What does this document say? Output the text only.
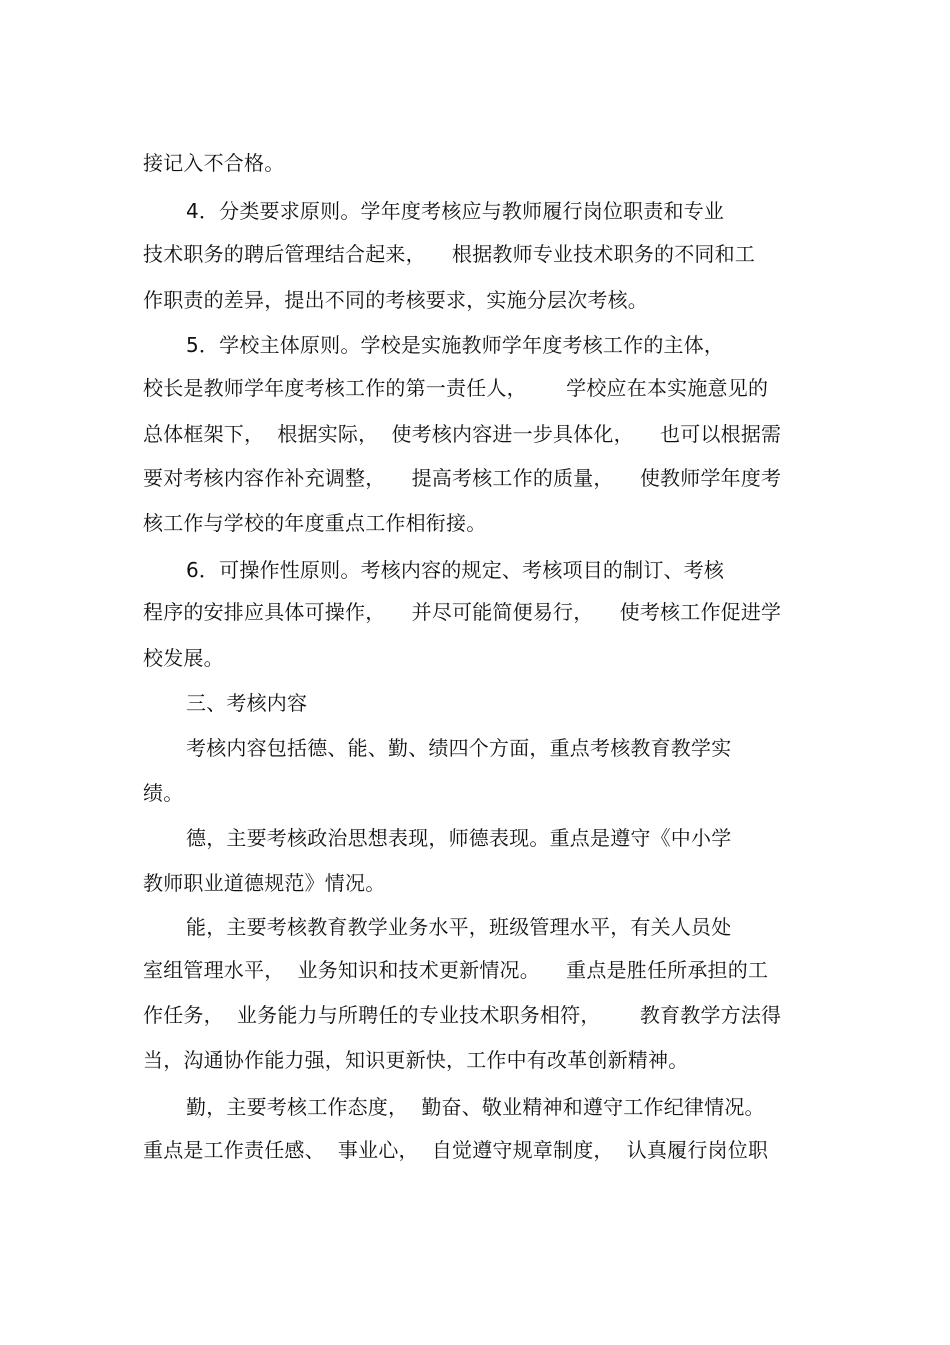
接记入不合格。
4．分类要求原则。学年度考核应与教师履行岗位职责和专业
技术职务的聘后管理结合起来，    根据教师专业技术职务的不同和工
作职责的差异，提出不同的考核要求，实施分层次考核。
5．学校主体原则。学校是实施教师学年度考核工作的主体，
校长是教师学年度考核工作的第一责任人，      学校应在本实施意见的
总体框架下，  根据实际，  使考核内容进一步具体化，    也可以根据需
要对考核内容作补充调整，    提高考核工作的质量，    使教师学年度考
核工作与学校的年度重点工作相衔接。
6．可操作性原则。考核内容的规定、考核项目的制订、考核
程序的安排应具体可操作，    并尽可能简便易行，    使考核工作促进学
校发展。
三、考核内容
考核内容包括德、能、勤、绩四个方面，重点考核教育教学实
绩。
德，主要考核政治思想表现，师德表现。重点是遵守《中小学
教师职业道德规范》情况。
能，主要考核教育教学业务水平，班级管理水平，有关人员处
室组管理水平，  业务知识和技术更新情况。    重点是胜任所承担的工
作任务，  业务能力与所聘任的专业技术职务相符，      教育教学方法得
当，沟通协作能力强，知识更新快，工作中有改革创新精神。
勤，主要考核工作态度，  勤奋、敬业精神和遵守工作纪律情况。
重点是工作责任感、  事业心，  自觉遵守规章制度，  认真履行岗位职
